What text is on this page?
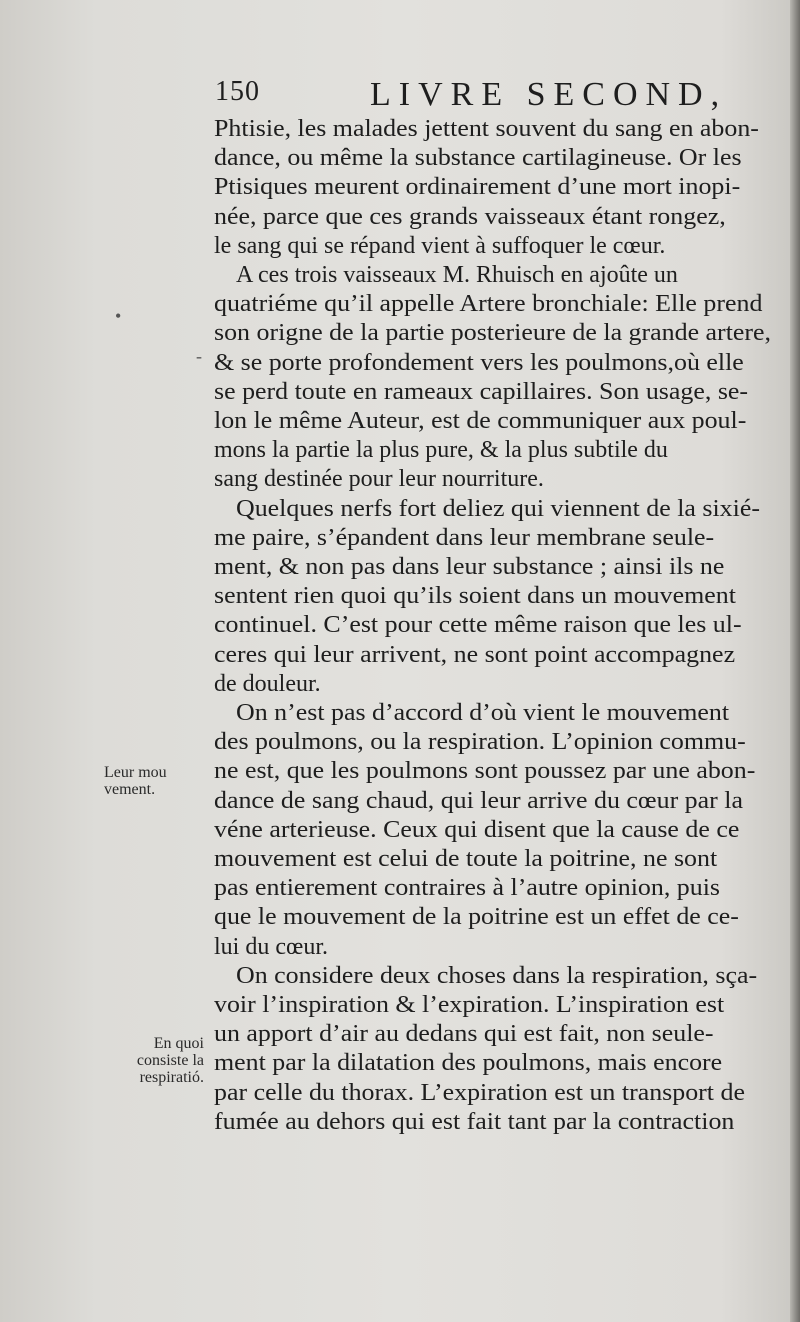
150	LIVRE SECOND,
Phtisie, les malades jettent souvent du sang en abon-
dance, ou même la substance cartilagineuse. Or les
Ptisiques meurent ordinairement d’une mort inopi-
née, parce que ces grands vaisseaux étant rongez,
le sang qui se répand vient à suffoquer le cœur.
A ces trois vaisseaux M. Rhuisch en ajoûte un
quatriéme qu’il appelle Artere bronchiale: Elle prend
son origne de la partie posterieure de la grande artere,
& se porte profondement vers les poulmons,où elle
se perd toute en rameaux capillaires. Son usage, se-
lon le même Auteur, est de communiquer aux poul-
mons la partie la plus pure, & la plus subtile du
sang destinée pour leur nourriture.
Quelques nerfs fort deliez qui viennent de la sixié-
me paire, s’épandent dans leur membrane seule-
ment, & non pas dans leur substance ; ainsi ils ne
sentent rien quoi qu’ils soient dans un mouvement
continuel. C’est pour cette même raison que les ul-
ceres qui leur arrivent, ne sont point accompagnez
de douleur.
On n’est pas d’accord d’où vient le mouvement
des poulmons, ou la respiration. L’opinion commu-
ne est, que les poulmons sont poussez par une abon-
dance de sang chaud, qui leur arrive du cœur par la
véne arterieuse. Ceux qui disent que la cause de ce
mouvement est celui de toute la poitrine, ne sont
pas entierement contraires à l’autre opinion, puis
que le mouvement de la poitrine est un effet de ce-
lui du cœur.
On considere deux choses dans la respiration, sça-
voir l’inspiration & l’expiration. L’inspiration est
un apport d’air au dedans qui est fait, non seule-
ment par la dilatation des poulmons, mais encore
par celle du thorax. L’expiration est un transport de
fumée au dehors qui est fait tant par la contraction
Leur mou
vement.
En quoi
consiste la
respiratió.
•
-
